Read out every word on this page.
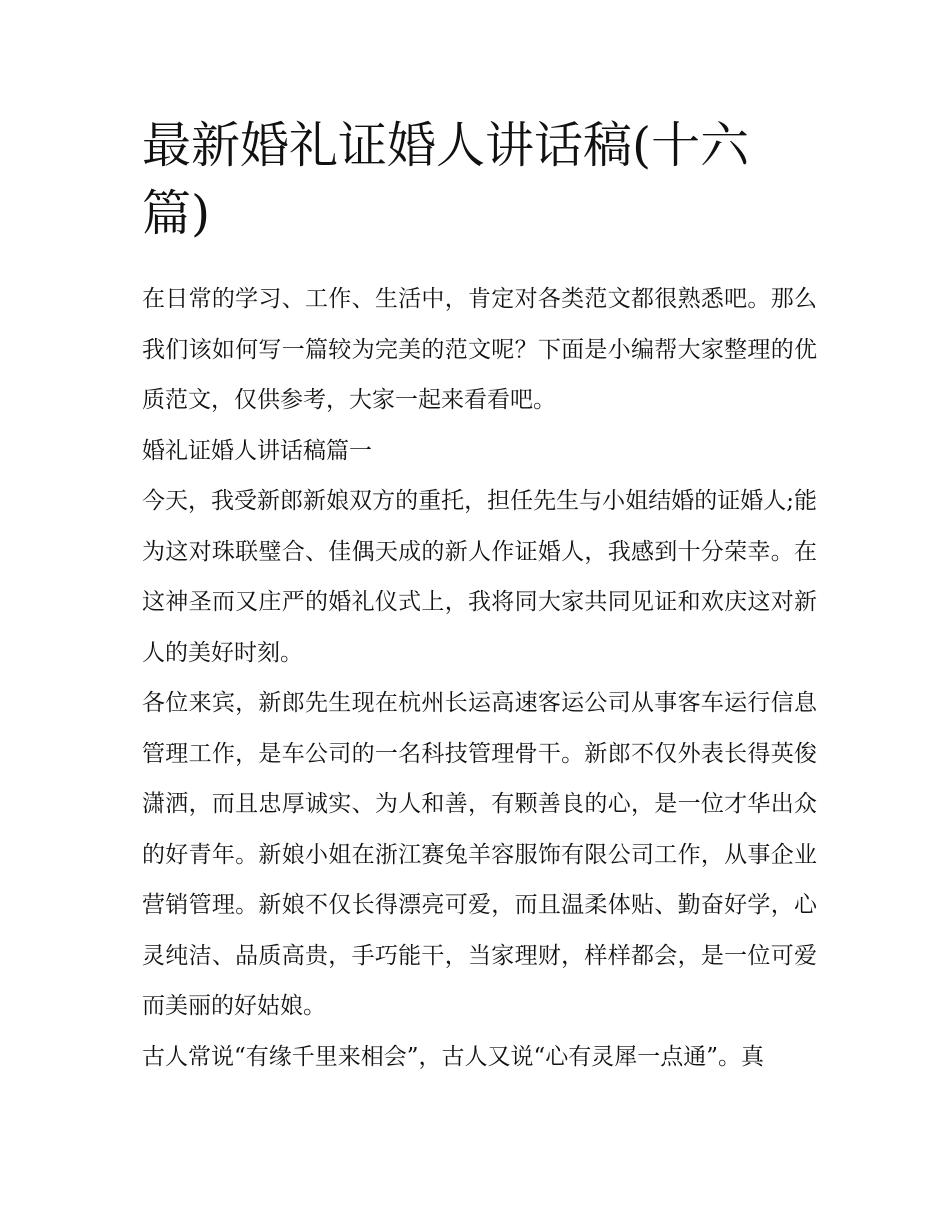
最新婚礼证婚人讲话稿(十六篇)

在日常的学习、工作、生活中，肯定对各类范文都很熟悉吧。那么我们该如何写一篇较为完美的范文呢？下面是小编帮大家整理的优质范文，仅供参考，大家一起来看看吧。

婚礼证婚人讲话稿篇一

今天，我受新郎新娘双方的重托，担任先生与小姐结婚的证婚人;能为这对珠联璧合、佳偶天成的新人作证婚人，我感到十分荣幸。在这神圣而又庄严的婚礼仪式上，我将同大家共同见证和欢庆这对新人的美好时刻。

各位来宾，新郎先生现在杭州长运高速客运公司从事客车运行信息管理工作，是车公司的一名科技管理骨干。新郎不仅外表长得英俊潇洒，而且忠厚诚实、为人和善，有颗善良的心，是一位才华出众的好青年。新娘小姐在浙江赛兔羊容服饰有限公司工作，从事企业营销管理。新娘不仅长得漂亮可爱，而且温柔体贴、勤奋好学，心灵纯洁、品质高贵，手巧能干，当家理财，样样都会，是一位可爱而美丽的好姑娘。

古人常说“有缘千里来相会”，古人又说“心有灵犀一点通”。真
